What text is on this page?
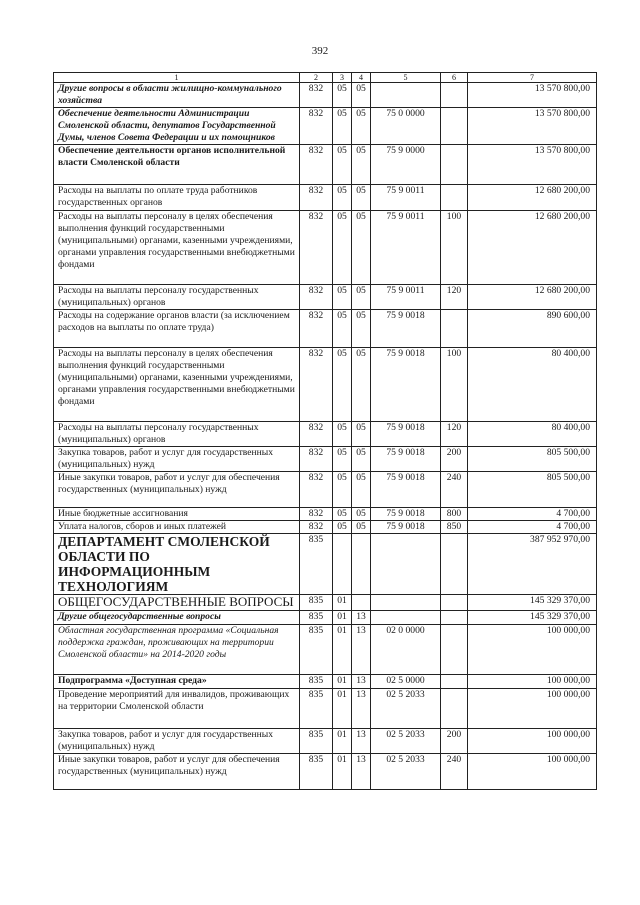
392
1	2	3	4	5	6	7
Другие вопросы в области жилищно-коммунального хозяйства	832	05	05			13 570 800,00
Обеспечение деятельности Администрации Смоленской области, депутатов Государственной Думы, членов Совета Федерации и их помощников	832	05	05	75 0 0000		13 570 800,00
Обеспечение деятельности органов исполнительной власти Смоленской области	832	05	05	75 9 0000		13 570 800,00
Расходы на выплаты по оплате труда работников государственных органов	832	05	05	75 9 0011		12 680 200,00
Расходы на выплаты персоналу в целях обеспечения выполнения функций государственными (муниципальными) органами, казенными учреждениями, органами управления государственными внебюджетными фондами	832	05	05	75 9 0011	100	12 680 200,00
Расходы на выплаты персоналу государственных (муниципальных) органов	832	05	05	75 9 0011	120	12 680 200,00
Расходы на содержание органов власти (за исключением расходов на выплаты по оплате труда)	832	05	05	75 9 0018		890 600,00
Расходы на выплаты персоналу в целях обеспечения выполнения функций государственными (муниципальными) органами, казенными учреждениями, органами управления государственными внебюджетными фондами	832	05	05	75 9 0018	100	80 400,00
Расходы на выплаты персоналу государственных (муниципальных) органов	832	05	05	75 9 0018	120	80 400,00
Закупка товаров, работ и услуг для государственных (муниципальных) нужд	832	05	05	75 9 0018	200	805 500,00
Иные закупки товаров, работ и услуг для обеспечения государственных (муниципальных) нужд	832	05	05	75 9 0018	240	805 500,00
Иные бюджетные ассигнования	832	05	05	75 9 0018	800	4 700,00
Уплата налогов, сборов и иных платежей	832	05	05	75 9 0018	850	4 700,00
ДЕПАРТАМЕНТ СМОЛЕНСКОЙ ОБЛАСТИ ПО ИНФОРМАЦИОННЫМ ТЕХНОЛОГИЯМ	835					387 952 970,00
ОБЩЕГОСУДАРСТВЕННЫЕ ВОПРОСЫ	835	01				145 329 370,00
Другие общегосударственные вопросы	835	01	13			145 329 370,00
Областная государственная программа «Социальная поддержка граждан, проживающих на территории Смоленской области» на 2014-2020 годы	835	01	13	02 0 0000		100 000,00
Подпрограмма «Доступная среда»	835	01	13	02 5 0000		100 000,00
Проведение мероприятий для инвалидов, проживающих на территории Смоленской области	835	01	13	02 5 2033		100 000,00
Закупка товаров, работ и услуг для государственных (муниципальных) нужд	835	01	13	02 5 2033	200	100 000,00
Иные закупки товаров, работ и услуг для обеспечения государственных (муниципальных) нужд	835	01	13	02 5 2033	240	100 000,00
